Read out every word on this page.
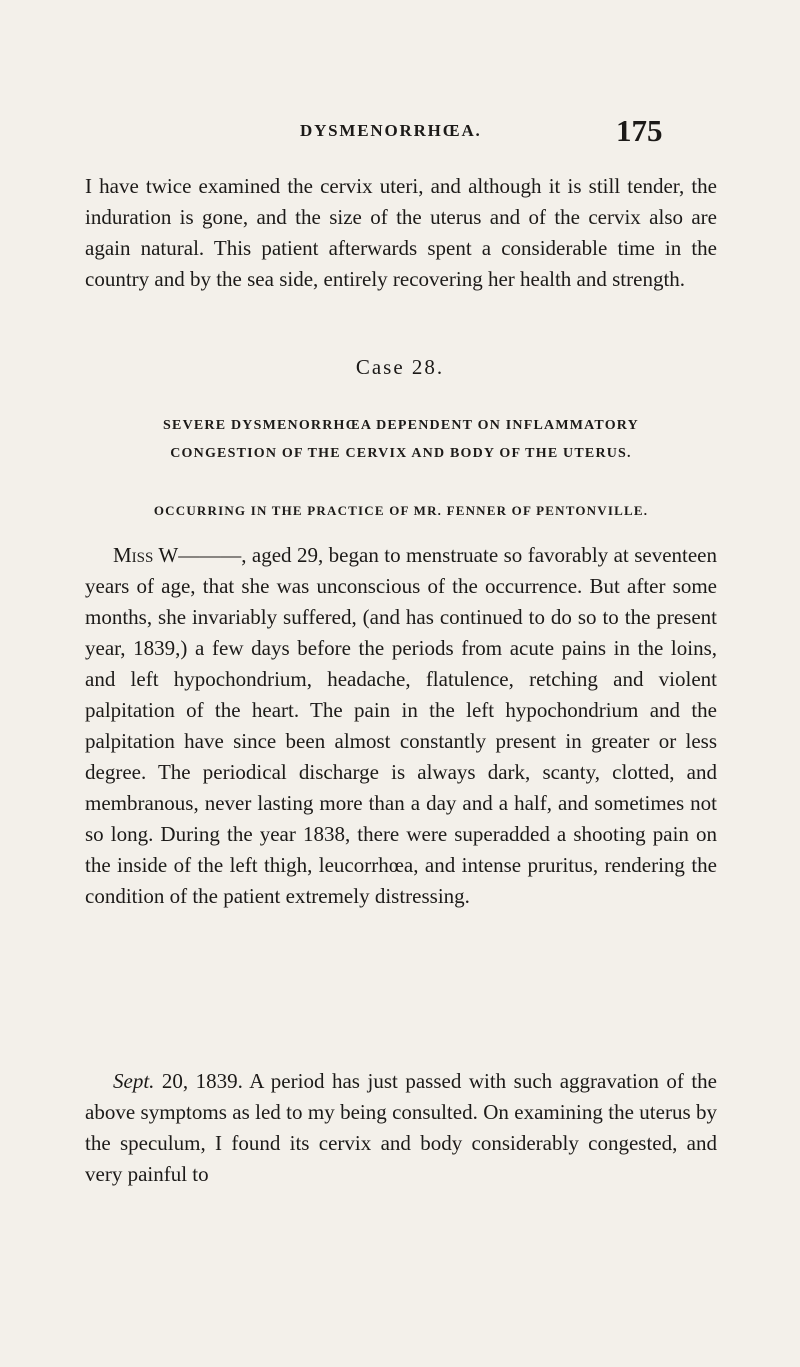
DYSMENORRHŒA.	175

I have twice examined the cervix uteri, and although it is still tender, the induration is gone, and the size of the uterus and of the cervix also are again natural. This patient afterwards spent a considerable time in the country and by the sea side, entirely recovering her health and strength.

Case 28.
SEVERE DYSMENORRHŒA DEPENDENT ON INFLAMMATORY
CONGESTION OF THE CERVIX AND BODY OF THE UTERUS.
OCCURRING IN THE PRACTICE OF MR. FENNER OF PENTONVILLE.

Miss W———, aged 29, began to menstruate so favorably at seventeen years of age, that she was unconscious of the occurrence. But after some months, she invariably suffered, (and has continued to do so to the present year, 1839,) a few days before the periods from acute pains in the loins, and left hypochondrium, headache, flatulence, retching and violent palpitation of the heart. The pain in the left hypochondrium and the palpitation have since been almost constantly present in greater or less degree. The periodical discharge is always dark, scanty, clotted, and membranous, never lasting more than a day and a half, and sometimes not so long. During the year 1838, there were superadded a shooting pain on the inside of the left thigh, leucorrhœa, and intense pruritus, rendering the condition of the patient extremely distressing.

Sept. 20, 1839. A period has just passed with such aggravation of the above symptoms as led to my being consulted. On examining the uterus by the speculum, I found its cervix and body considerably congested, and very painful to
